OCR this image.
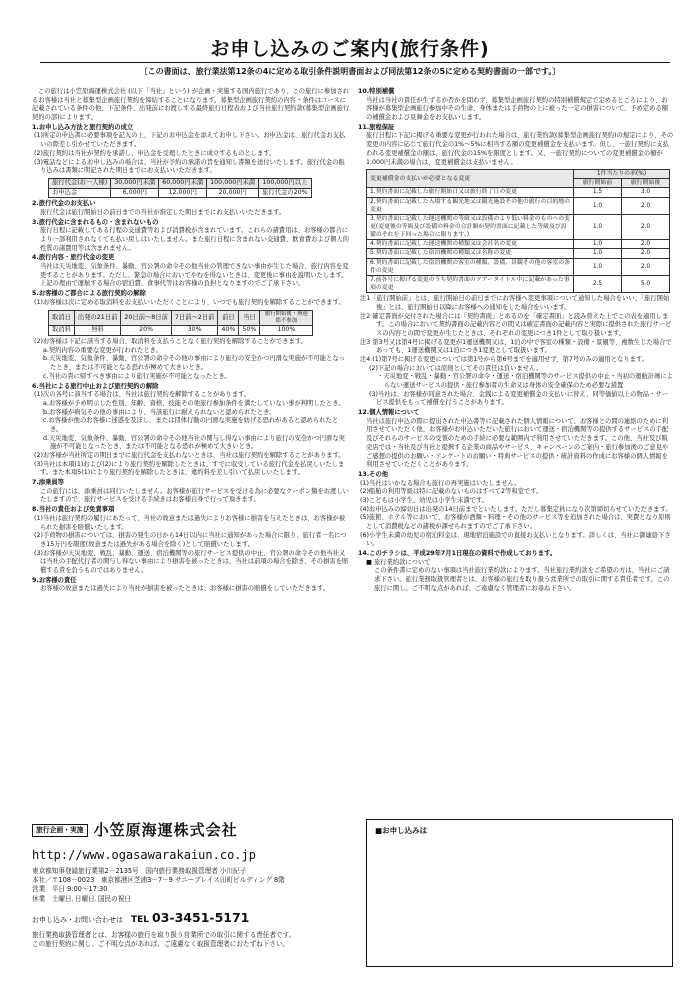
お申し込みのご案内(旅行条件)
〔この書面は、旅行業法第12条の4に定める取引条件説明書面および同法第12条の5に定める契約書面の一部です。〕

この旅行は小笠原海運株式会社 (以下「当社」という) が企画・実施する国内旅行であり、この旅行に参加されるお客様は当社と募集型企画旅行契約を締結することになります。募集型企画旅行契約の内容・条件はコースに記載されている条件の他、下記条件、出発前にお渡しする最終旅行日程表および当社旅行契約款(募集型企画旅行契約の部)によります。

1.お申し込み方法と旅行契約の成立

(1)所定の申込書に必要事項を記入の上、下記のお申込金を添えてお申し下さい。お申込金は、旅行代金お支払いの際差し引かせていただきます。

(2)旅行契約は当社が契約を承諾し、申込金を受理したときに成立するものとします。

(3)電話などによるお申し込みの場合は、当社が予約の承諾の旨を通知し書類を送付いたします。旅行代金の振り込みは書類に明記された期日までにお支払いいただきます。

旅行代金(お一人様)	30,000円未満	60,000円未満	100,000円未満	100,000円以上
お申込金	6,000円	12,000円	20,000円	旅行代金の20%

2.旅行代金のお支払い

旅行代金は旅行開始日の前日までの当社が指定した期日までにお支払いいただきます。

3.旅行代金に含まれるもの・含まれないもの

旅行日程に記載してある行程の交通費等および消費税が含まれています。これらの諸費用は、お客様の都合により一部利用されなくても払い戻しはいたしません。また旅行日程に含まれない交通費、飲食費および個人的性質の諸費用等は含まれません。

4.旅行内容・旅行代金の変更

当社は天災地変、気象条件、暴動、官公署の命令その他当社の管理できない事由が生じた場合、旅行内容を変更することがあります。ただし、緊急の場合においてやむを得ないときは、変更後に事由を説明いたします。上記の理由で運航する場合の宿泊費、食事代等はお客様の負担となりますのでご了承下さい。

5.お客様のご都合による旅行契約の解除

(1)お客様は次に定める取消料をお支払いいただくことにより、いつでも旅行契約を解除することができます。

取消日	出発の21日前	20日前～8日前	7日前～2日前	前日	当日	旅行開始後・無連絡不参加
取消料	無料	20%	30%	40%	50%	100%

(2)お客様は下記に該当する場合、取消料を支払うことなく旅行契約を解除することができます。

a.契約内容の重要な変更が行われたとき。

b.天災地変、気象条件、暴動、官公署の命令その他の事由により旅行の安全かつ円滑な実施が不可能となったとき、または不可能となる恐れが極めて大きいとき。

c.当社の責に帰すべき事由により旅行実施が不可能となったとき。

6.当社による旅行中止および旅行契約の解除

(1)次の各号に該当する場合は、当社は旅行契約を解除することがあります。

a.お客様が予め明示した性別、年齢、資格、技能その他旅行参加条件を満たしていない事が判明したとき。

b.お客様が病気その他の事由により、当該旅行に耐えられないと認められたとき。

c.お客様が他のお客様に迷惑を及ぼし、または団体行動の円滑な実施を妨げる恐れがあると認められたとき。

d.天災地変、気象条件、暴動、官公署の命令その他当社の関与し得ない事由により旅行の安全かつ円滑な実施が不可能となったとき、または不可能となる恐れが極めて大きいとき。

(2)お客様が当社所定の期日までに旅行代金を支払わないときは、当社は旅行契約を解除することがあります。

(3)当社は本項(1)および(2)により旅行契約を解除したときは、すでに収受している旅行代金を払戻しいたします。また本項5(1)により旅行契約を解除したときは、違約料を差し引いて払戻しいたします。

7.添乗員等

この旅行には、添乗員は同行いたしません。お客様が旅行サービスを受ける為に必要なクーポン類をお渡しいたしますので、旅行サービスを受ける手続きはお客様自身で行って頂きます。

8.当社の責任および免責事項

(1)当社は旅行契約の履行にあたって、当社の故意または過失によりお客様に損害を与えたときは、お客様が被られた損害を賠償いたします。

(2)手荷物の損害については、損害の発生の日から14日以内に当社に通知があった場合に限り、旅行者一名につき15万円を限度(故意または過失がある場合を除く)として賠償いたします。

(3)お客様が天災地変、戦乱、暴動、運送、宿泊機関等の旅行サービス提供の中止、官公署の命令その他当社又は当社の手配代行者の関与し得ない事由により損害を被ったときは、当社は前項の場合を除き、その損害を賠償する責を負うものではありません。

9.お客様の責任

お客様の故意または過失により当社が損害を被ったときは、お客様に損害の賠償をしていただきます。

10.特別補償

当社は当社の責任が生ずるか否かを問わず、募集型企画旅行契約の特別補償規定で定めるところにより、お客様が募集型企画旅行参加中その生命、身体または手荷物の上に被った一定の損害について、予め定める額の補償金および見舞金をお支払いします。

11.旅程保証

旅行日程に下記に掲げる重要な変更が行われた場合は、旅行業約款(募集型企画旅行契約)の規定により、その変更の内容に応じて旅行代金の1%～5%に相当する額の変更補償金を支払います。但し、一旅行契約に支払われる変更補償金の額は、旅行代金の15%を限度とします。又、一旅行契約についての変更補償金の額が1,000円未満の場合は、変更補償金は支払いません。

変更補償金の支払いが必要となる変更	1件当たりの率(%)	
	旅行開始前	旅行開始後
1.契約書面に記載した旅行開始日又は旅行終了日の変更	1.5	3.0
2.契約書面に記載した入場する観光地又は観光施設その他の旅行の目的地の変更	1.0	2.0
3.契約書面に記載した運送機関の等級又は設備のより低い料金のものへの変更(変更後の等級及び設備の料金の合計額が契約書面に記載した等級及び設備のそれを下回った場合に限ります。)	1.0	2.0
4.契約書面に記載した運送機関の種類又は会社名の変更	1.0	2.0
5.契約書面に記載した宿泊機関の種類又は名称の変更	1.0	2.0
6.契約書面に記載した宿泊機関の客室の種類、設備、景観その他の客室の条件の変更	1.0	2.0
7.前各号に掲げる変更のうち契約書面のツアータイトル中に記載があった事項の変更	2.5	5.0

注1「旅行開始前」とは、旅行開始日の前日までにお客様へ変更事項について通知した場合をいい、「旅行開始後」とは、旅行開始日以降にお客様への通知をした場合をいいます。

注2 確定書面が交付された場合には「契約書面」とあるのを「確定書面」と読み替えた上でこの表を適用します。この場合において契約書面の記載内容との間又は確定書面の記載内容と実際に提供された旅行サービスの内容との間で変更が生じたときは、それぞれの変更につき1件として取り扱います。

注3 第3号又は第4号に掲げる変更が1運送機関又は、1泊の中で客室の種類・設備・景観等、複数生じた場合であっても、1運送機関又は1泊につき1変更として取扱います。

注4 (1)第7号に掲げる変更については第1号から第6号までを適用せず、第7号のみの適用となります。

(2)下記の場合においては原則としてその責任は負いません。

・天災地変・戦乱・暴動・官公署の命令・運送・宿泊機関等のサービス提供の中止・当初の運航計画によらない運送サービスの提供・旅行参加者の生命又は身体の安全確保のため必要な措置

(3)当社は、お客様が同意された場合、金銭による変更補償金の支払いに替え、同等価値以上の物品・サービス提供をもって補償を行うことがあります。

12.個人情報について

当社は旅行申込の際に提出された申込書等に記載された個人情報について、お客様との間の連絡のために利用させていただく他、お客様がお申込いただいた旅行において運送・宿泊機関等の提供するサービスの手配及びそれらのサービスの受領のための手続に必要な範囲内で利用させていただきます。この他、当社及び販売店では・当社及び当社と提携する企業の商品やサービス、キャンペーンのご案内・旅行参加後のご意見やご感想の提供のお願い・アンケートのお願い・特典サービスの提供・統計資料の作成にお客様の個人情報を利用させていただくことがあります。

13.その他

(1)当社はいかなる場合も旅行の再実施はいたしません。

(2)船舶の利用等級は特に記載のないものはすべて2等和室です。

(3)こどもは小学生、幼児は小学生未満です。

(4)お申込みの締切日は出発の14日前までといたします。ただし募集定員になり次第締切らせていただきます。

(5)旅館、ホテル等において、お客様が酒類・料理・その他のサービス等を追加された場合は、実費となり原則として消費税などの諸税が課せられますのでご了承下さい。

(6)小学生未満の幼児の宿泊料金は、現地宿泊施設での直接お支払いとなります。詳しくは、当社に御連絡下さい。

14.このチラシは、平成29年7月1日現在の資料で作成しております。

■ 旅行業約款について

この条件書に定めのない事項は当社旅行業約款によります。当社旅行業約款をご希望の方は、当社にご請求下さい。旅行業務取扱管理者とは、お客様の旅行を取り扱う営業所での取引に関する責任者です。この旅行に関し、ご不明な点があれば、ご遠慮なく管理者にお尋ね下さい。

旅行企画・実施 小笠原海運株式会社
http://www.ogasawarakaiun.co.jp

東京都知事登録旅行業第2－2135号　国内旅行業務取扱管理者 小川紀子

本社／〒108－0023　東京都港区芝浦3－7－9 サニープレイス田町ビルディング 8階

営業　平日 9:00～17:30

休業　土曜日､日曜日､国民の祝日

お申し込み・お問い合わせは TEL 03-3451-5171

旅行業務取扱管理者とは、お客様の旅行を取り扱う営業所での取引に関する責任者です。

この旅行契約に関し、ご不明な点があれば、ご遠慮なく取扱管理者におたずね下さい。

■お申し込みは
